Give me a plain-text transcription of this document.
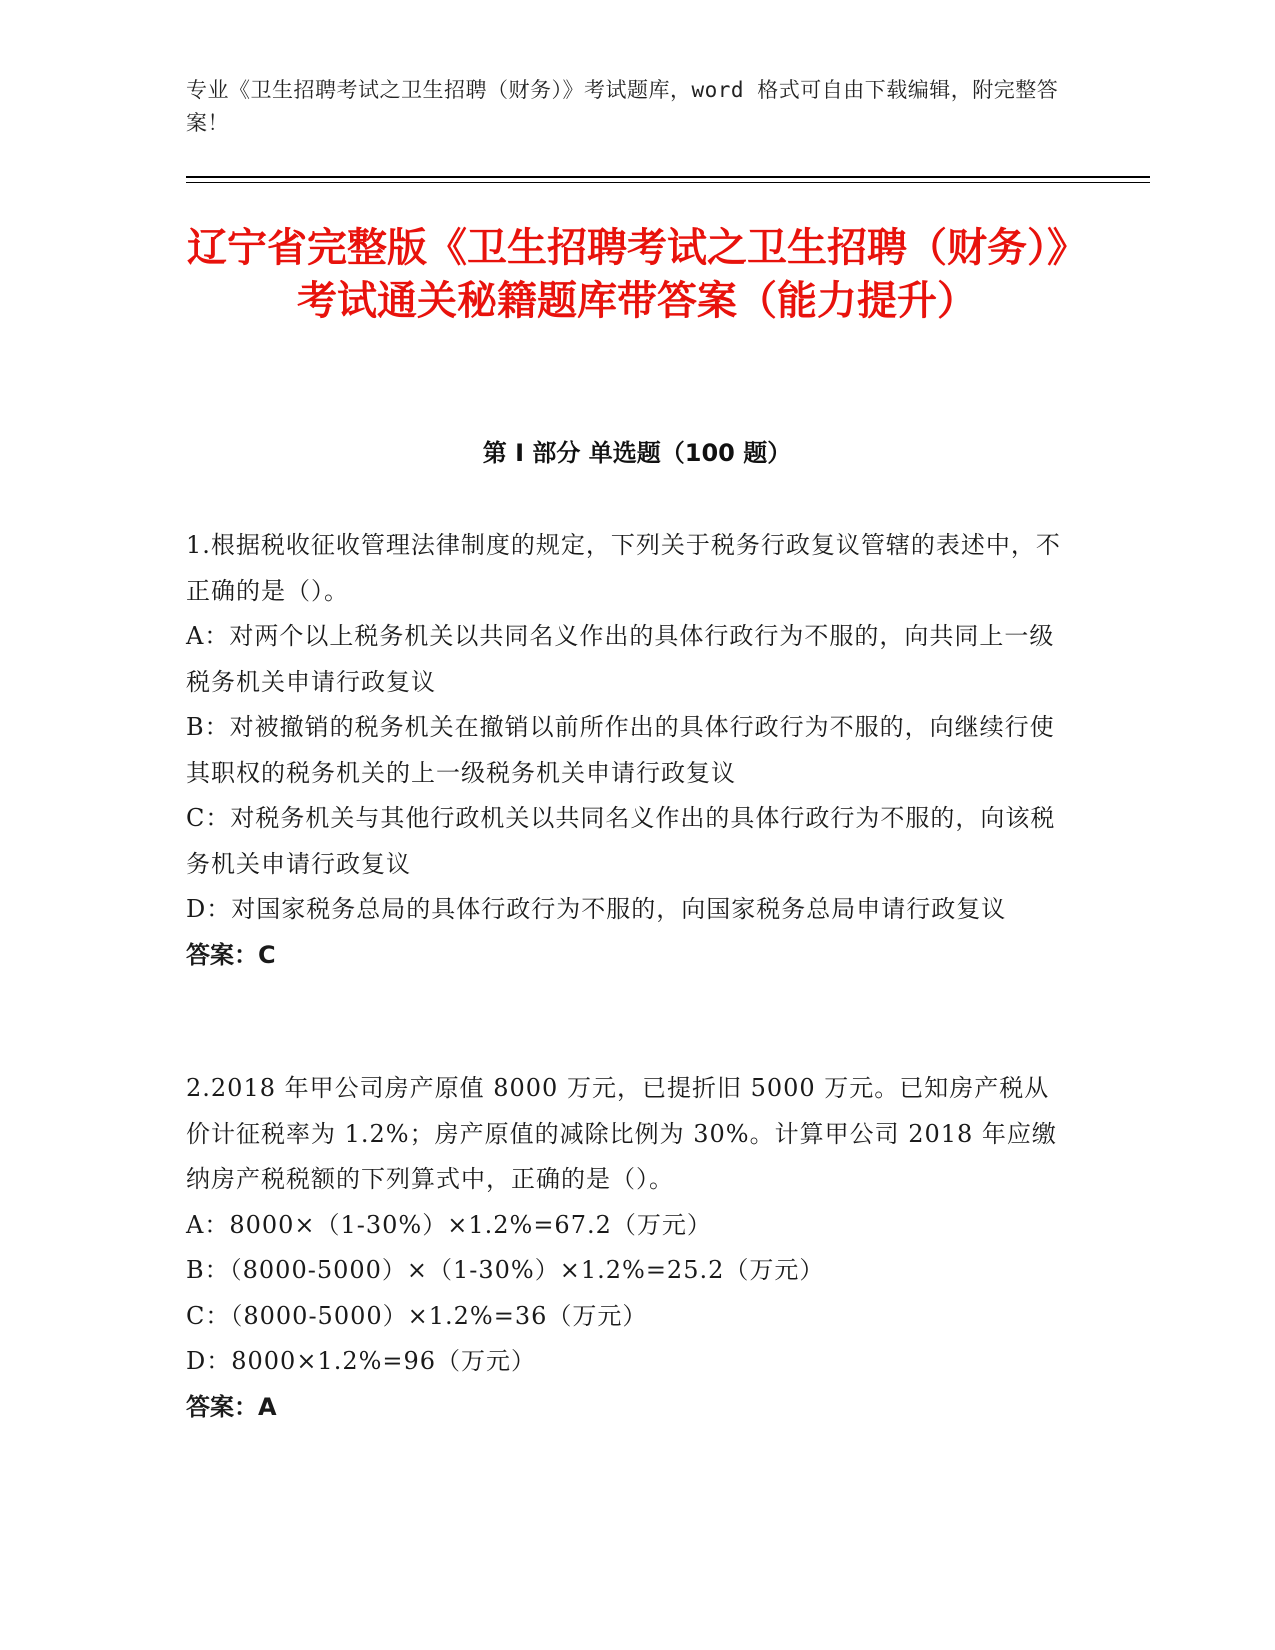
专业《卫生招聘考试之卫生招聘（财务）》考试题库，word 格式可自由下载编辑，附完整答案！
辽宁省完整版《卫生招聘考试之卫生招聘（财务）》考试通关秘籍题库带答案（能力提升）
第 I 部分 单选题（100 题）

1.根据税收征收管理法律制度的规定，下列关于税务行政复议管辖的表述中，不正确的是（）。

A：对两个以上税务机关以共同名义作出的具体行政行为不服的，向共同上一级税务机关申请行政复议

B：对被撤销的税务机关在撤销以前所作出的具体行政行为不服的，向继续行使其职权的税务机关的上一级税务机关申请行政复议

C：对税务机关与其他行政机关以共同名义作出的具体行政行为不服的，向该税务机关申请行政复议

D：对国家税务总局的具体行政行为不服的，向国家税务总局申请行政复议

答案：C

2.2018 年甲公司房产原值 8000 万元，已提折旧 5000 万元。已知房产税从价计征税率为 1.2%；房产原值的减除比例为 30%。计算甲公司 2018 年应缴纳房产税税额的下列算式中，正确的是（）。

A：8000×（1-30%）×1.2%=67.2（万元）

B：（8000-5000）×（1-30%）×1.2%=25.2（万元）

C：（8000-5000）×1.2%=36（万元）

D：8000×1.2%=96（万元）

答案：A
